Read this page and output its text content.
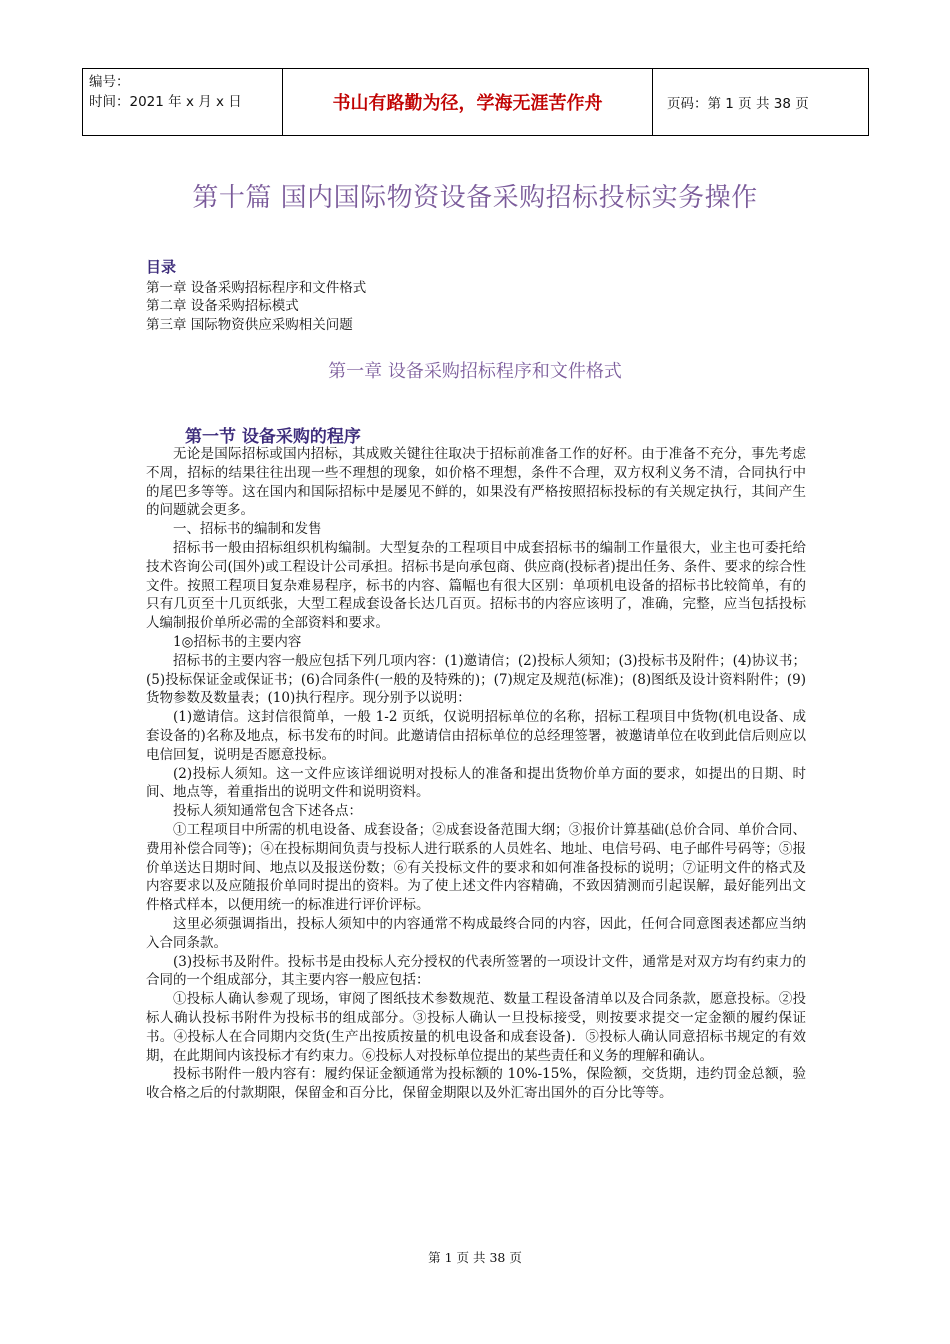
编号：
时间：2021 年 x 月 x 日	书山有路勤为径，学海无涯苦作舟	页码：第 1 页 共 38 页
第十篇 国内国际物资设备采购招标投标实务操作
目录
第一章 设备采购招标程序和文件格式
第二章 设备采购招标模式
第三章 国际物资供应采购相关问题
第一章 设备采购招标程序和文件格式
第一节 设备采购的程序

无论是国际招标或国内招标，其成败关键往往取决于招标前准备工作的好杯。由于准备不充分，事先考虑不周，招标的结果往往出现一些不理想的现象，如价格不理想，条件不合理，双方权利义务不清，合同执行中的尾巴多等等。这在国内和国际招标中是屡见不鲜的，如果没有严格按照招标投标的有关规定执行，其间产生的问题就会更多。

一、招标书的编制和发售

招标书一般由招标组织机构编制。大型复杂的工程项目中成套招标书的编制工作量很大，业主也可委托给技术咨询公司(国外)或工程设计公司承担。招标书是向承包商、供应商(投标者)提出任务、条件、要求的综合性文件。按照工程项目复杂难易程序，标书的内容、篇幅也有很大区别：单项机电设备的招标书比较简单，有的只有几页至十几页纸张，大型工程成套设备长达几百页。招标书的内容应该明了，准确，完整，应当包括投标人编制报价单所必需的全部资料和要求。

1◎招标书的主要内容

招标书的主要内容一般应包括下列几项内容：(1)邀请信；(2)投标人须知；(3)投标书及附件；(4)协议书；(5)投标保证金或保证书；(6)合同条件(一般的及特殊的)；(7)规定及规范(标准)；(8)图纸及设计资料附件；(9)货物参数及数量表；(10)执行程序。现分别予以说明：

(1)邀请信。这封信很简单，一般 1-2 页纸，仅说明招标单位的名称，招标工程项目中货物(机电设备、成套设备的)名称及地点，标书发布的时间。此邀请信由招标单位的总经理签署，被邀请单位在收到此信后则应以电信回复，说明是否愿意投标。

(2)投标人须知。这一文件应该详细说明对投标人的准备和提出货物价单方面的要求，如提出的日期、时间、地点等，着重指出的说明文件和说明资料。

投标人须知通常包含下述各点：

①工程项目中所需的机电设备、成套设备；②成套设备范围大纲；③报价计算基础(总价合同、单价合同、费用补偿合同等)；④在投标期间负责与投标人进行联系的人员姓名、地址、电信号码、电子邮件号码等；⑤报价单送达日期时间、地点以及报送份数；⑥有关投标文件的要求和如何准备投标的说明；⑦证明文件的格式及内容要求以及应随报价单同时提出的资料。为了使上述文件内容精确，不致因猜测而引起误解，最好能列出文件格式样本，以便用统一的标准进行评价评标。

这里必须强调指出，投标人须知中的内容通常不构成最终合同的内容，因此，任何合同意图表述都应当纳入合同条款。

(3)投标书及附件。投标书是由投标人充分授权的代表所签署的一项设计文件，通常是对双方均有约束力的合同的一个组成部分，其主要内容一般应包括：

①投标人确认参观了现场，审阅了图纸技术参数规范、数量工程设备清单以及合同条款，愿意投标。②投标人确认投标书附件为投标书的组成部分。③投标人确认一旦投标接受，则按要求提交一定金额的履约保证书。④投标人在合同期内交货(生产出按质按量的机电设备和成套设备)．⑤投标人确认同意招标书规定的有效期，在此期间内该投标才有约束力。⑥投标人对投标单位提出的某些责任和义务的理解和确认。

投标书附件一般内容有：履约保证金额通常为投标额的 10%-15%，保险额，交货期，违约罚金总额，验收合格之后的付款期限，保留金和百分比，保留金期限以及外汇寄出国外的百分比等等。

第 1 页 共 38 页
